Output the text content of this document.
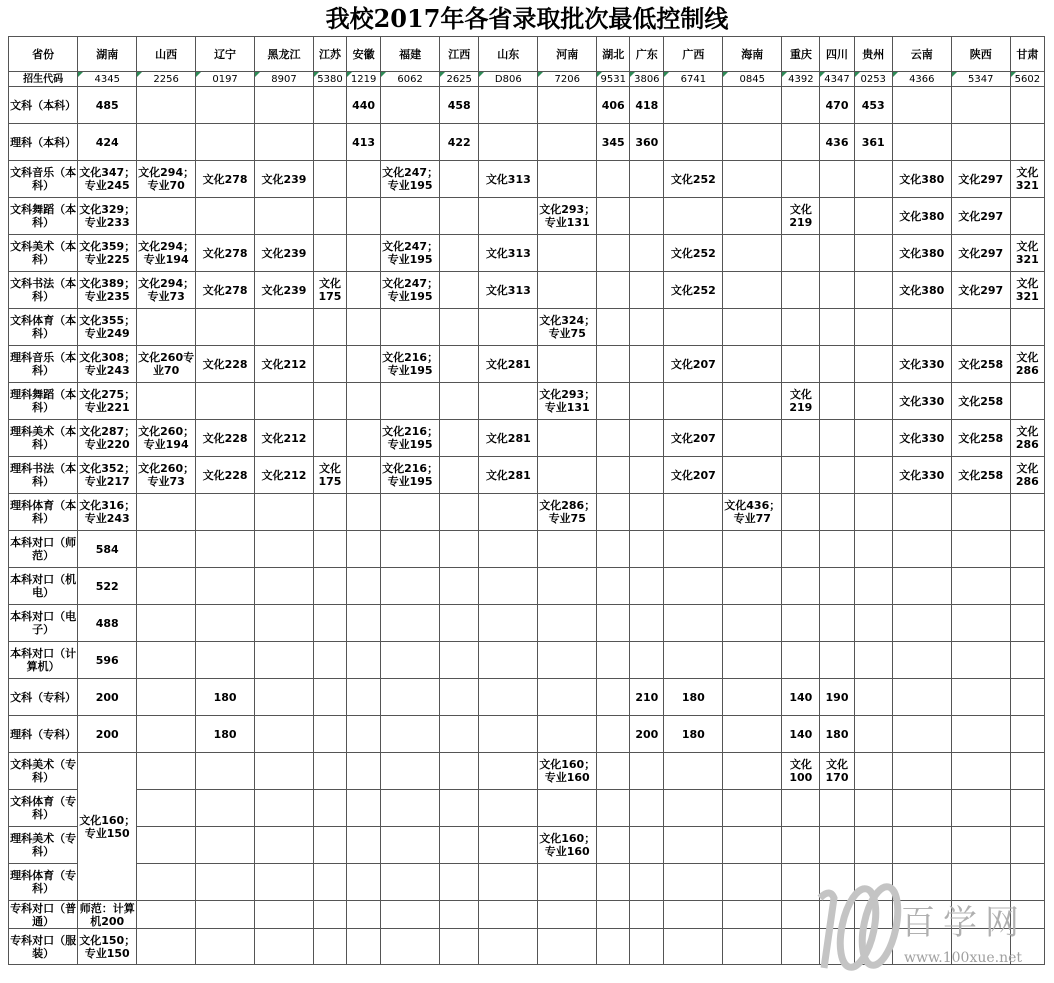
我校2017年各省录取批次最低控制线
省份	湖南	山西	辽宁	黑龙江	江苏	安徽	福建	江西	山东	河南	湖北	广东	广西	海南	重庆	四川	贵州	云南	陕西	甘肃
招生代码	4345	2256	0197	8907	5380	1219	6062	2625	D806	7206	9531	3806	6741	0845	4392	4347	0253	4366	5347	5602
文科（本科）	485					440		458			406	418				470	453			
理科（本科）	424					413		422			345	360				436	361			
文科音乐（本科）	文化347；专业245	文化294；专业70	文化278	文化239			文化247；专业195		文化313				文化252					文化380	文化297	文化321
文科舞蹈（本科）	文化329；专业233									文化293；专业131					文化219			文化380	文化297	
文科美术（本科）	文化359；专业225	文化294；专业194	文化278	文化239			文化247；专业195		文化313				文化252					文化380	文化297	文化321
文科书法（本科）	文化389；专业235	文化294；专业73	文化278	文化239	文化175		文化247；专业195		文化313				文化252					文化380	文化297	文化321
文科体育（本科）	文化355；专业249									文化324；专业75										
理科音乐（本科）	文化308；专业243	文化260专业70	文化228	文化212			文化216；专业195		文化281				文化207					文化330	文化258	文化286
理科舞蹈（本科）	文化275；专业221									文化293；专业131					文化219			文化330	文化258	
理科美术（本科）	文化287；专业220	文化260；专业194	文化228	文化212			文化216；专业195		文化281				文化207					文化330	文化258	文化286
理科书法（本科）	文化352；专业217	文化260；专业73	文化228	文化212	文化175		文化216；专业195		文化281				文化207					文化330	文化258	文化286
理科体育（本科）	文化316；专业243									文化286；专业75				文化436；专业77						
本科对口（师范）	584																			
本科对口（机电）	522																			
本科对口（电子）	488																			
本科对口（计算机）	596																			
文科（专科）	200		180									210	180		140	190				
理科（专科）	200		180									200	180		140	180				
文科美术（专科）	文化160；专业150									文化160；专业160					文化100	文化170				
文科体育（专科）																				
理科美术（专科）										文化160；专业160										
理科体育（专科）																				
专科对口（普通）	师范：计算机200																			
专科对口（服装）	文化150；专业150																			
百学网
www.100xue.net
